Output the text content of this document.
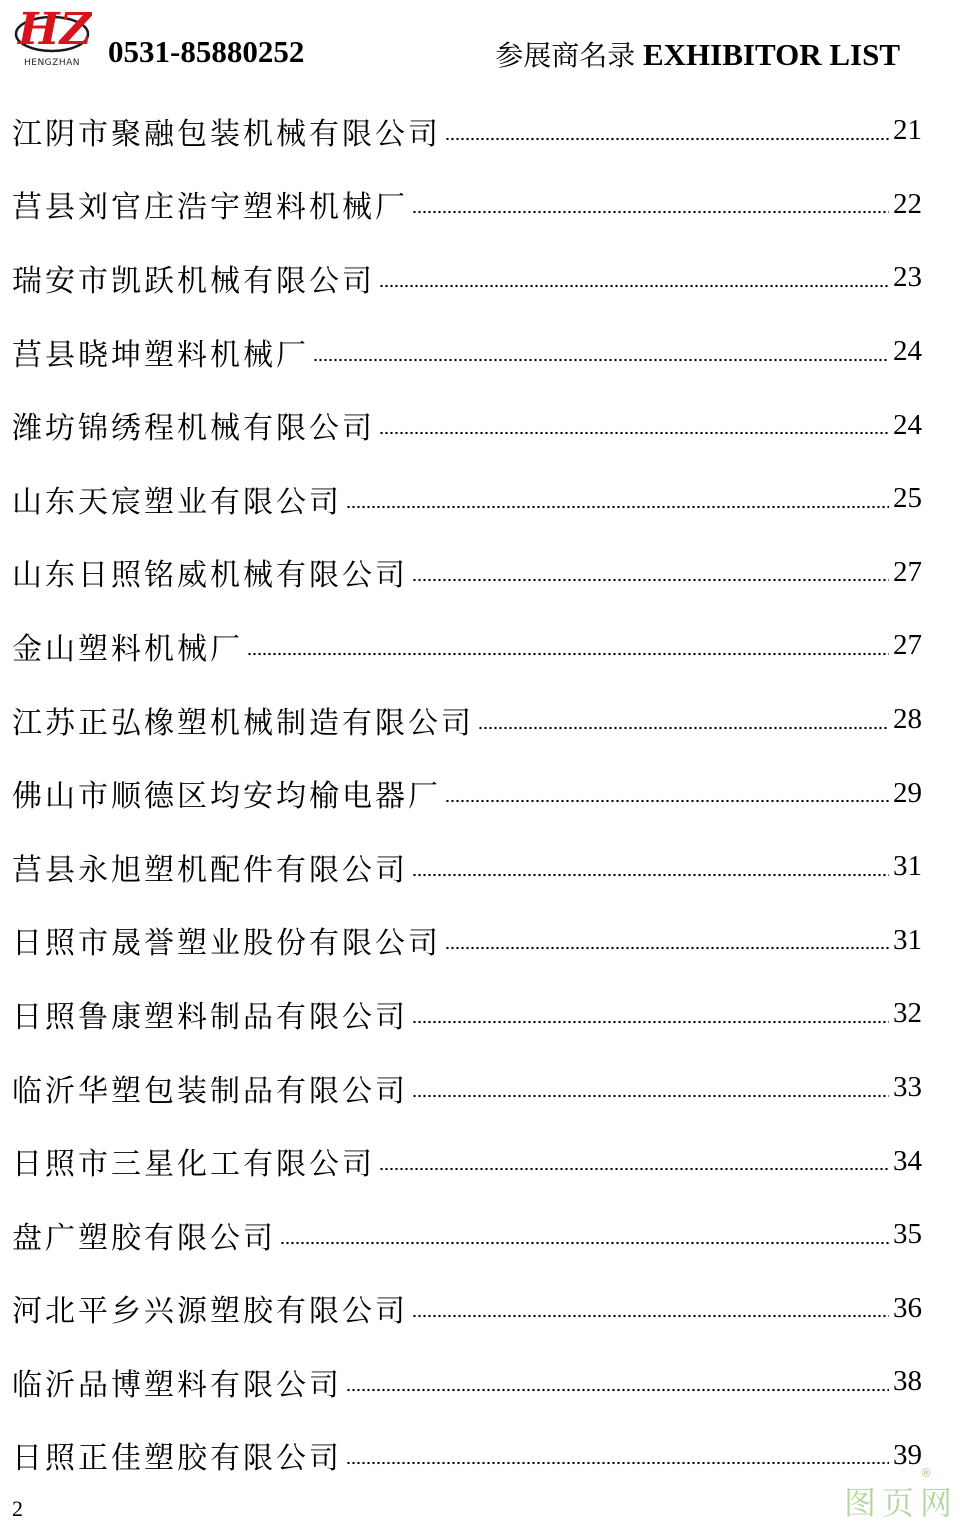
HZ
HENGZHAN 0531-85880252	参展商名录 EXHIBITOR LIST
江阴市聚融包装机械有限公司	21
莒县刘官庄浩宇塑料机械厂	22
瑞安市凯跃机械有限公司	23
莒县晓坤塑料机械厂	24
潍坊锦绣程机械有限公司	24
山东天宸塑业有限公司	25
山东日照铭威机械有限公司	27
金山塑料机械厂	27
江苏正弘橡塑机械制造有限公司	28
佛山市顺德区均安均榆电器厂	29
莒县永旭塑机配件有限公司	31
日照市晟誉塑业股份有限公司	31
日照鲁康塑料制品有限公司	32
临沂华塑包装制品有限公司	33
日照市三星化工有限公司	34
盘广塑胶有限公司	35
河北平乡兴源塑胶有限公司	36
临沂品博塑料有限公司	38
日照正佳塑胶有限公司	39
2
®
图页网
